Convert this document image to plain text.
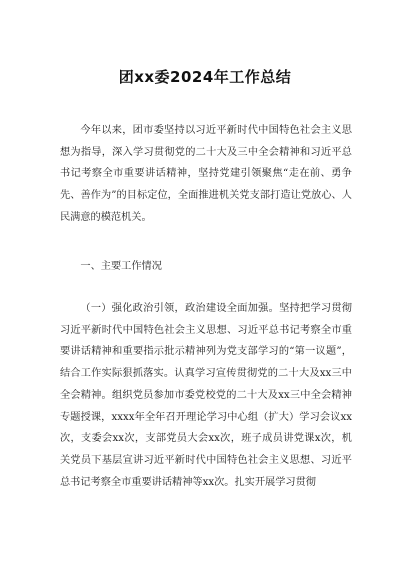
团xx委2024年工作总结

今年以来，团市委坚持以习近平新时代中国特色社会主义思想为指导，深入学习贯彻党的二十大及三中全会精神和习近平总书记考察全市重要讲话精神，坚持党建引领聚焦“走在前、勇争先、善作为”的目标定位，全面推进机关党支部打造让党放心、人民满意的模范机关。

一、主要工作情况

（一）强化政治引领，政治建设全面加强。坚持把学习贯彻习近平新时代中国特色社会主义思想、习近平总书记考察全市重要讲话精神和重要指示批示精神列为党支部学习的“第一议题”，结合工作实际狠抓落实。认真学习宣传贯彻党的二十大及xx三中全会精神。组织党员参加市委党校党的二十大及xx三中全会精神专题授课，xxxx年全年召开理论学习中心组（扩大）学习会议xx次，支委会xx次，支部党员大会xx次，班子成员讲党课x次，机关党员下基层宣讲习近平新时代中国特色社会主义思想、习近平总书记考察全市重要讲话精神等xx次。扎实开展学习贯彻
